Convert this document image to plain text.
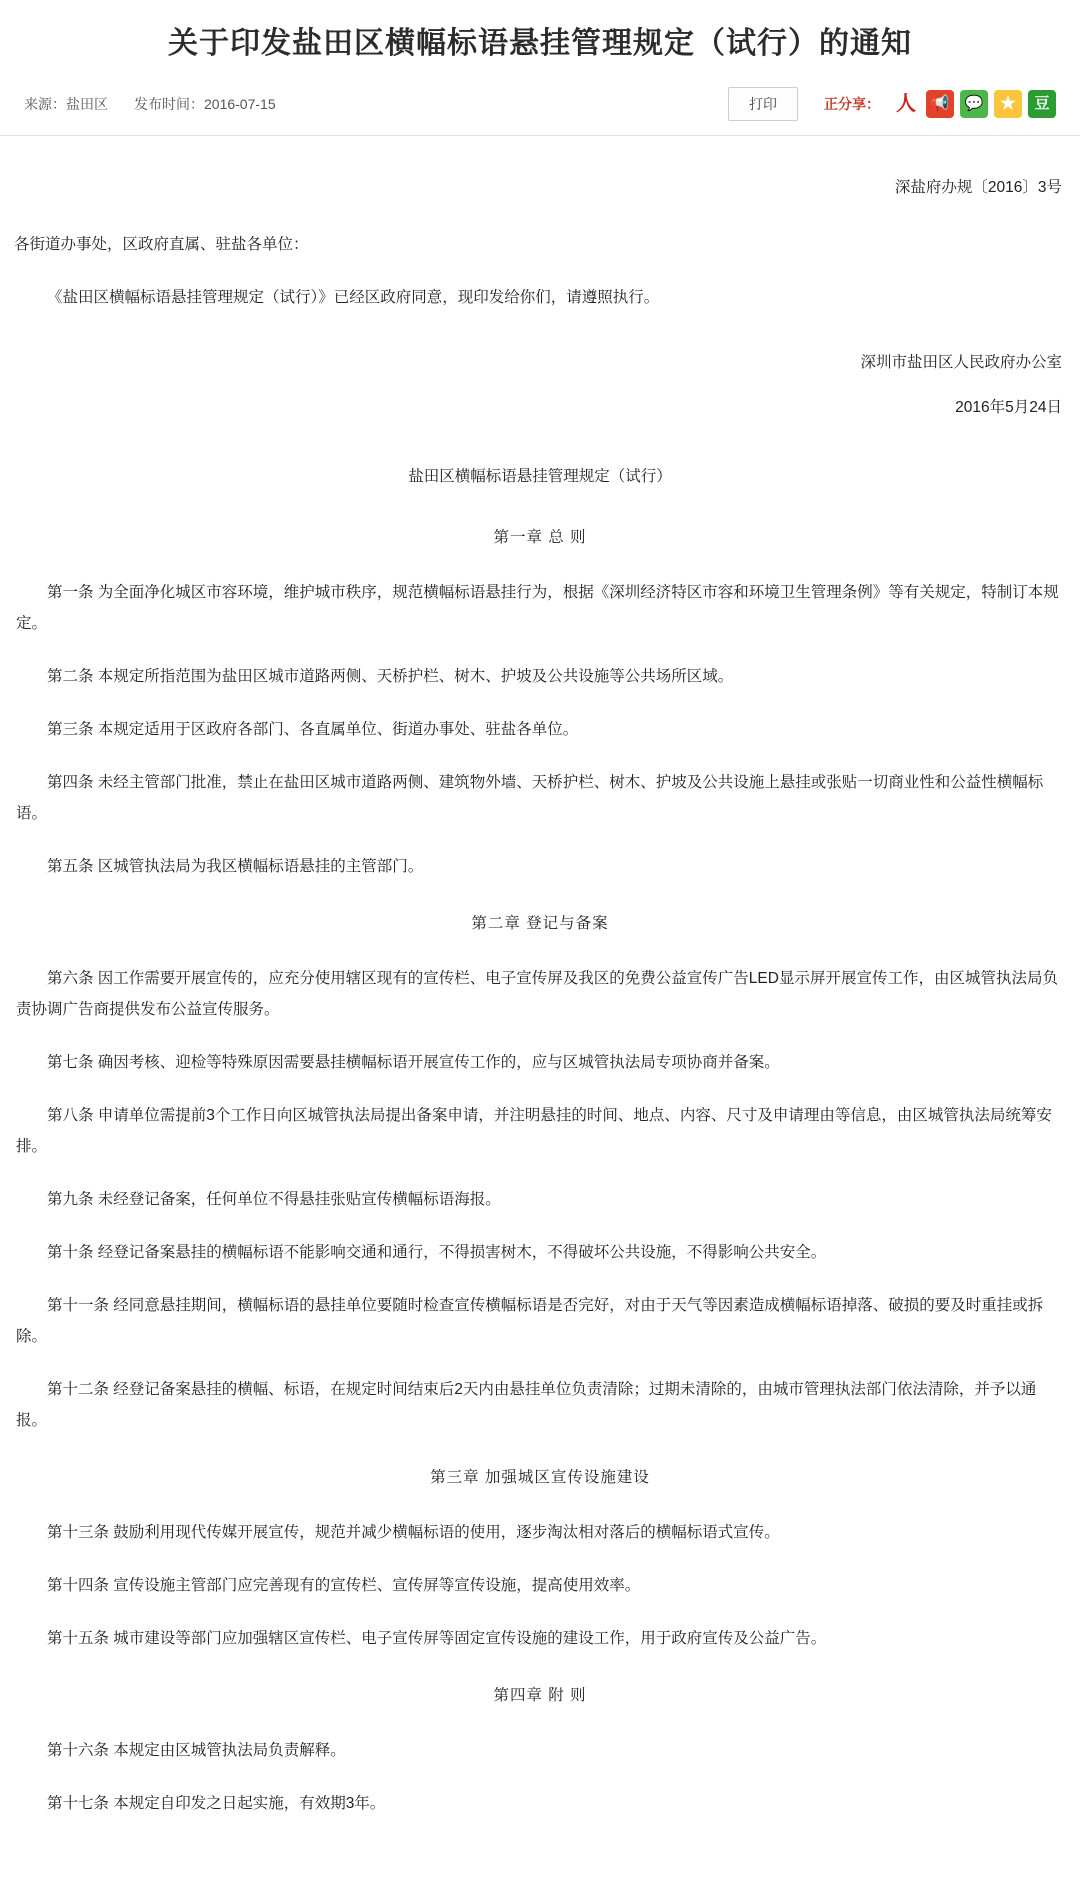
关于印发盐田区横幅标语悬挂管理规定（试行）的通知
来源：盐田区 发布时间：2016-07-15	打印	正分享： 人 📢	💬	★	豆
深盐府办规〔2016〕3号
各街道办事处，区政府直属、驻盐各单位：
《盐田区横幅标语悬挂管理规定（试行）》已经区政府同意，现印发给你们，请遵照执行。
深圳市盐田区人民政府办公室
2016年5月24日
盐田区横幅标语悬挂管理规定（试行）
第一章 总 则
第一条 为全面净化城区市容环境，维护城市秩序，规范横幅标语悬挂行为，根据《深圳经济特区市容和环境卫生管理条例》等有关规定，特制订本规定。
第二条 本规定所指范围为盐田区城市道路两侧、天桥护栏、树木、护坡及公共设施等公共场所区域。
第三条 本规定适用于区政府各部门、各直属单位、街道办事处、驻盐各单位。
第四条 未经主管部门批准，禁止在盐田区城市道路两侧、建筑物外墙、天桥护栏、树木、护坡及公共设施上悬挂或张贴一切商业性和公益性横幅标语。
第五条 区城管执法局为我区横幅标语悬挂的主管部门。
第二章 登记与备案
第六条 因工作需要开展宣传的，应充分使用辖区现有的宣传栏、电子宣传屏及我区的免费公益宣传广告LED显示屏开展宣传工作，由区城管执法局负责协调广告商提供发布公益宣传服务。
第七条 确因考核、迎检等特殊原因需要悬挂横幅标语开展宣传工作的，应与区城管执法局专项协商并备案。
第八条 申请单位需提前3个工作日向区城管执法局提出备案申请，并注明悬挂的时间、地点、内容、尺寸及申请理由等信息，由区城管执法局统筹安排。
第九条 未经登记备案，任何单位不得悬挂张贴宣传横幅标语海报。
第十条 经登记备案悬挂的横幅标语不能影响交通和通行，不得损害树木，不得破坏公共设施，不得影响公共安全。
第十一条 经同意悬挂期间，横幅标语的悬挂单位要随时检查宣传横幅标语是否完好，对由于天气等因素造成横幅标语掉落、破损的要及时重挂或拆除。
第十二条 经登记备案悬挂的横幅、标语，在规定时间结束后2天内由悬挂单位负责清除；过期未清除的，由城市管理执法部门依法清除，并予以通报。
第三章 加强城区宣传设施建设
第十三条 鼓励利用现代传媒开展宣传，规范并减少横幅标语的使用，逐步淘汰相对落后的横幅标语式宣传。
第十四条 宣传设施主管部门应完善现有的宣传栏、宣传屏等宣传设施，提高使用效率。
第十五条 城市建设等部门应加强辖区宣传栏、电子宣传屏等固定宣传设施的建设工作，用于政府宣传及公益广告。
第四章 附 则
第十六条 本规定由区城管执法局负责解释。
第十七条 本规定自印发之日起实施，有效期3年。
